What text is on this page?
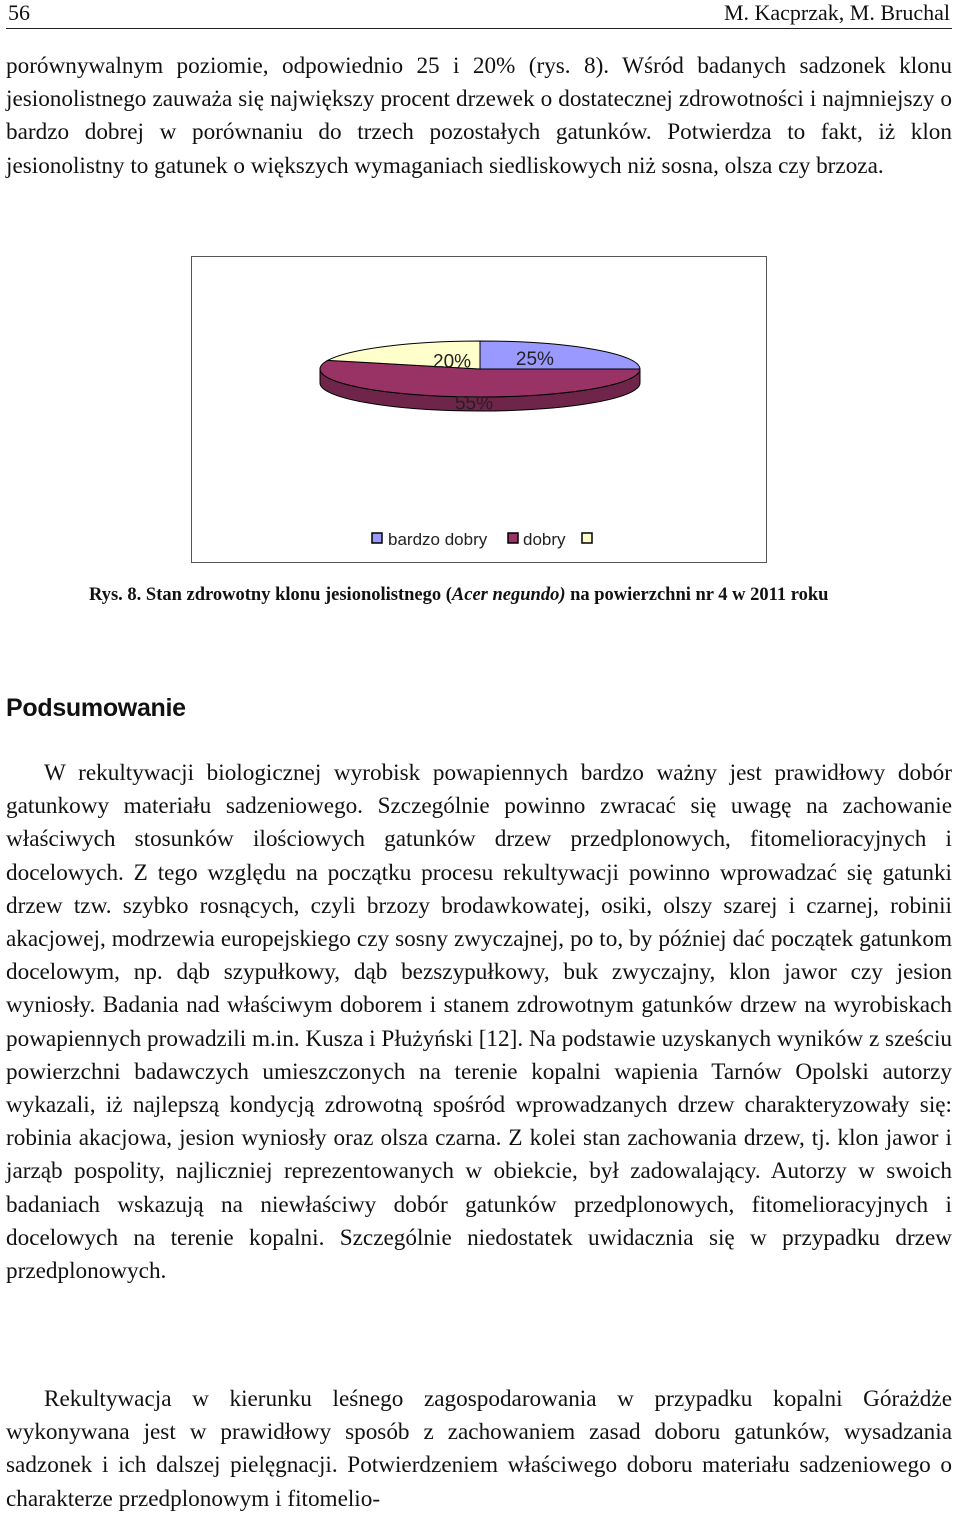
56	M. Kacprzak, M. Bruchal

porównywalnym poziomie, odpowiednio 25 i 20% (rys. 8). Wśród badanych sadzonek klonu jesionolistnego zauważa się największy procent drzewek o dostatecznej zdrowotności i najmniejszy o bardzo dobrej w porównaniu do trzech pozostałych gatunków. Potwierdza to fakt, iż klon jesionolistny to gatunek o większych wymaganiach siedliskowych niż sosna, olsza czy brzoza.

25%
55%
20%
bardzo dobry dobry
Rys. 8. Stan zdrowotny klonu jesionolistnego (Acer negundo) na powierzchni nr 4 w 2011 roku
Podsumowanie

W rekultywacji biologicznej wyrobisk powapiennych bardzo ważny jest prawidłowy dobór gatunkowy materiału sadzeniowego. Szczególnie powinno zwracać się uwagę na zachowanie właściwych stosunków ilościowych gatunków drzew przedplonowych, fitomelioracyjnych i docelowych. Z tego względu na początku procesu rekultywacji powinno wprowadzać się gatunki drzew tzw. szybko rosnących, czyli brzozy brodawkowatej, osiki, olszy szarej i czarnej, robinii akacjowej, modrzewia europejskiego czy sosny zwyczajnej, po to, by później dać początek gatunkom docelowym, np. dąb szypułkowy, dąb bezszypułkowy, buk zwyczajny, klon jawor czy jesion wyniosły. Badania nad właściwym doborem i stanem zdrowotnym gatunków drzew na wyrobiskach powapiennych prowadzili m.in. Kusza i Płużyński [12]. Na podstawie uzyskanych wyników z sześciu powierzchni badawczych umieszczonych na terenie kopalni wapienia Tarnów Opolski autorzy wykazali, iż najlepszą kondycją zdrowotną spośród wprowadzanych drzew charakteryzowały się: robinia akacjowa, jesion wyniosły oraz olsza czarna. Z kolei stan zachowania drzew, tj. klon jawor i jarząb pospolity, najliczniej reprezentowanych w obiekcie, był zadowalający. Autorzy w swoich badaniach wskazują na niewłaściwy dobór gatunków przedplonowych, fitomelioracyjnych i docelowych na terenie kopalni. Szczególnie niedostatek uwidacznia się w przypadku drzew przedplonowych.

Rekultywacja w kierunku leśnego zagospodarowania w przypadku kopalni Górażdże wykonywana jest w prawidłowy sposób z zachowaniem zasad doboru gatunków, wysadzania sadzonek i ich dalszej pielęgnacji. Potwierdzeniem właściwego doboru materiału sadzeniowego o charakterze przedplonowym i fitomelio-
